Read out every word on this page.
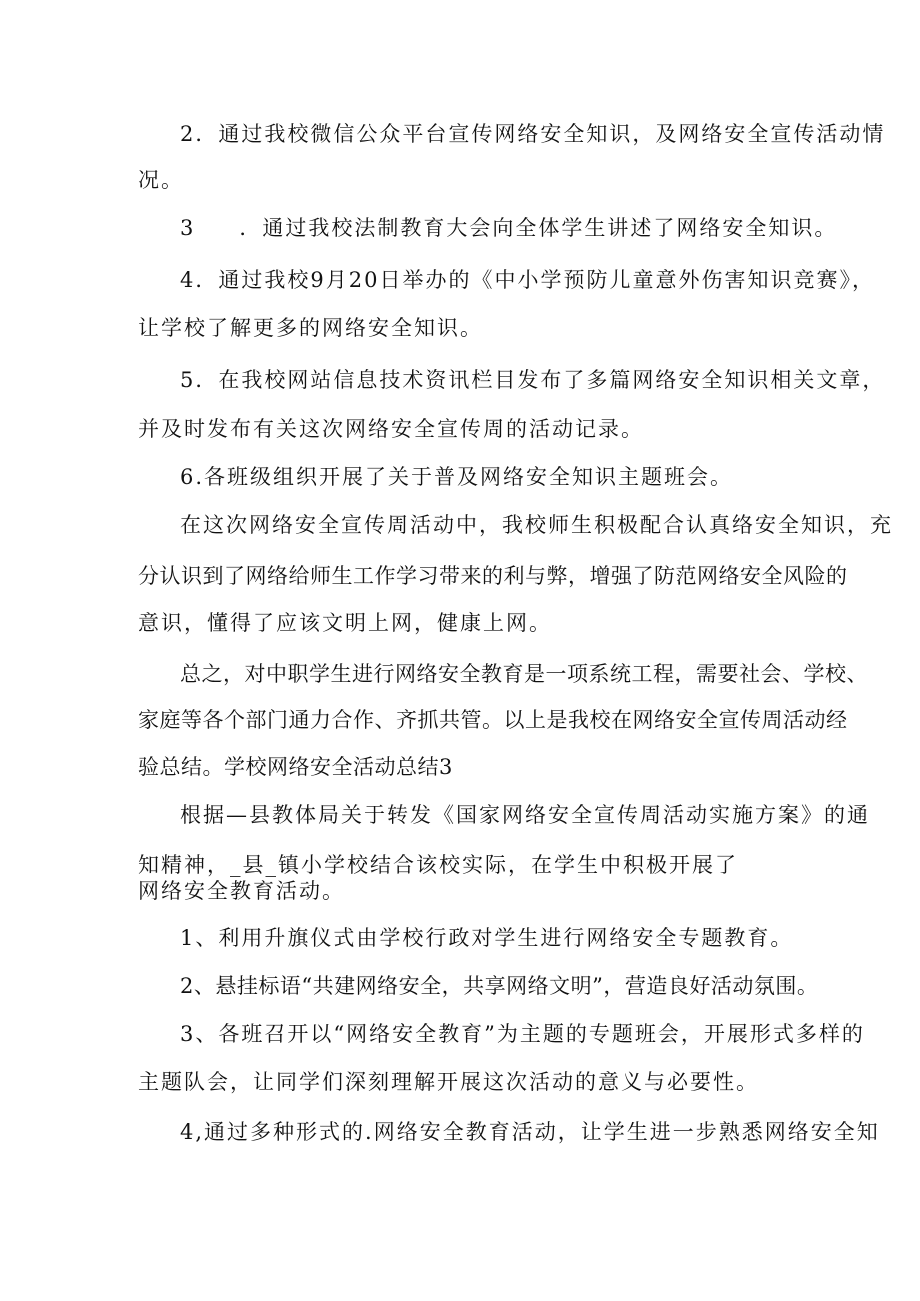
2．通过我校微信公众平台宣传网络安全知识，及网络安全宣传活动情
况。
3 ．通过我校法制教育大会向全体学生讲述了网络安全知识。
4．通过我校9月20日举办的《中小学预防儿童意外伤害知识竞赛》，
让学校了解更多的网络安全知识。
5．在我校网站信息技术资讯栏目发布了多篇网络安全知识相关文章，
并及时发布有关这次网络安全宣传周的活动记录。
6.各班级组织开展了关于普及网络安全知识主题班会。
在这次网络安全宣传周活动中，我校师生积极配合认真络安全知识，充
分认识到了网络给师生工作学习带来的利与弊，增强了防范网络安全风险的
意识，懂得了应该文明上网，健康上网。
总之，对中职学生进行网络安全教育是一项系统工程，需要社会、学校、
家庭等各个部门通力合作、齐抓共管。以上是我校在网络安全宣传周活动经
验总结。学校网络安全活动总结3
根据—县教体局关于转发《国家网络安全宣传周活动实施方案》的通
知精神，_县_镇小学校结合该校实际，在学生中积极开展了
网络安全教育活动。
1、利用升旗仪式由学校行政对学生进行网络安全专题教育。
2、悬挂标语“共建网络安全，共享网络文明”，营造良好活动氛围。
3、各班召开以“网络安全教育”为主题的专题班会，开展形式多样的
主题队会，让同学们深刻理解开展这次活动的意义与必要性。
4,通过多种形式的.网络安全教育活动，让学生进一步熟悉网络安全知
